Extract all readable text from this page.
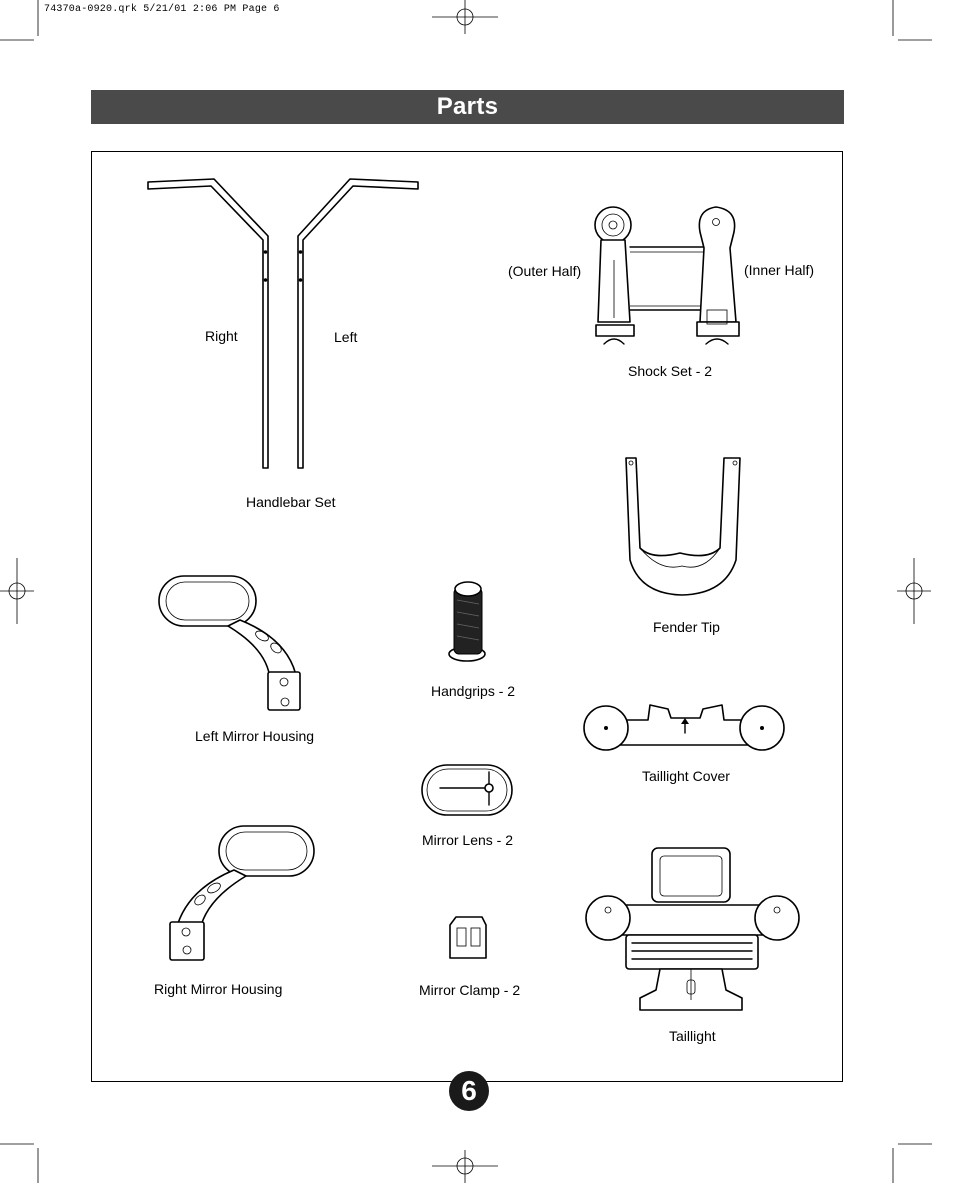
74370a-0920.qrk 5/21/01 2:06 PM Page 6
Parts
Right	Left
Handlebar Set
(Outer Half)	(Inner Half)
Shock Set - 2
Fender Tip
Left Mirror Housing
Handgrips - 2
Taillight Cover
Mirror Lens - 2
Right Mirror Housing	Mirror Clamp - 2
Taillight
6
